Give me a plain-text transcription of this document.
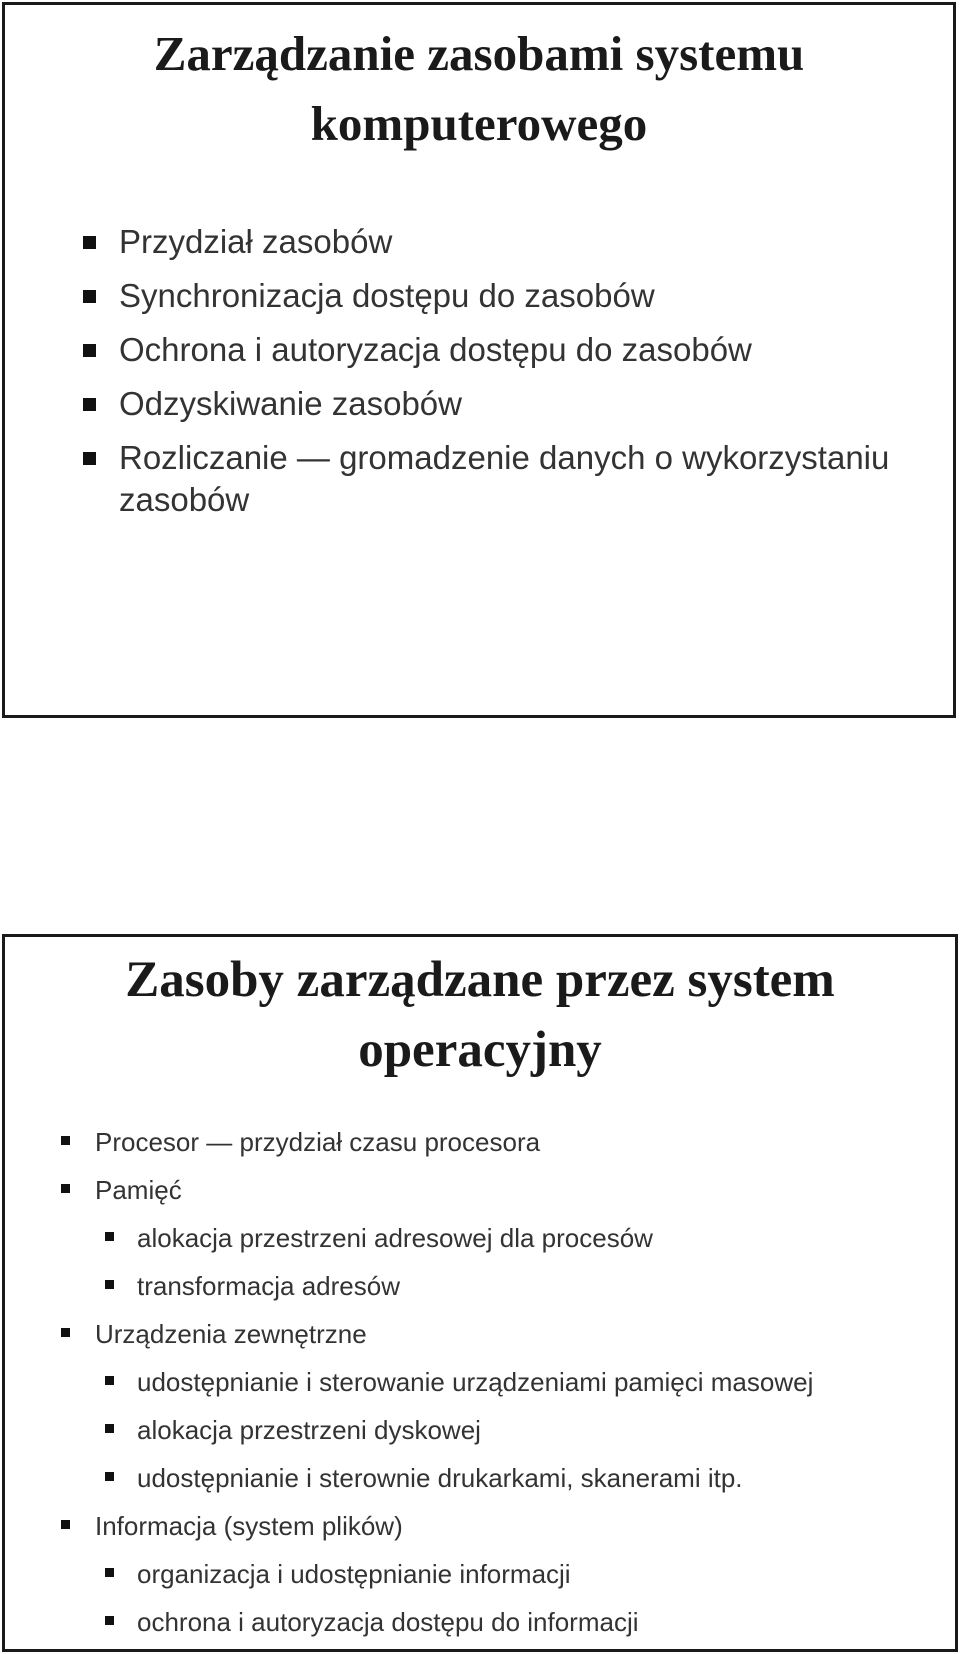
Zarządzanie zasobami systemu
komputerowego
Przydział zasobów
Synchronizacja dostępu do zasobów
Ochrona i autoryzacja dostępu do zasobów
Odzyskiwanie zasobów
Rozliczanie — gromadzenie danych o wykorzystaniu zasobów
Zasoby zarządzane przez system
operacyjny
Procesor — przydział czasu procesora
Pamięć
alokacja przestrzeni adresowej dla procesów
transformacja adresów
Urządzenia zewnętrzne
udostępnianie i sterowanie urządzeniami pamięci masowej
alokacja przestrzeni dyskowej
udostępnianie i sterownie drukarkami, skanerami itp.
Informacja (system plików)
organizacja i udostępnianie informacji
ochrona i autoryzacja dostępu do informacji
